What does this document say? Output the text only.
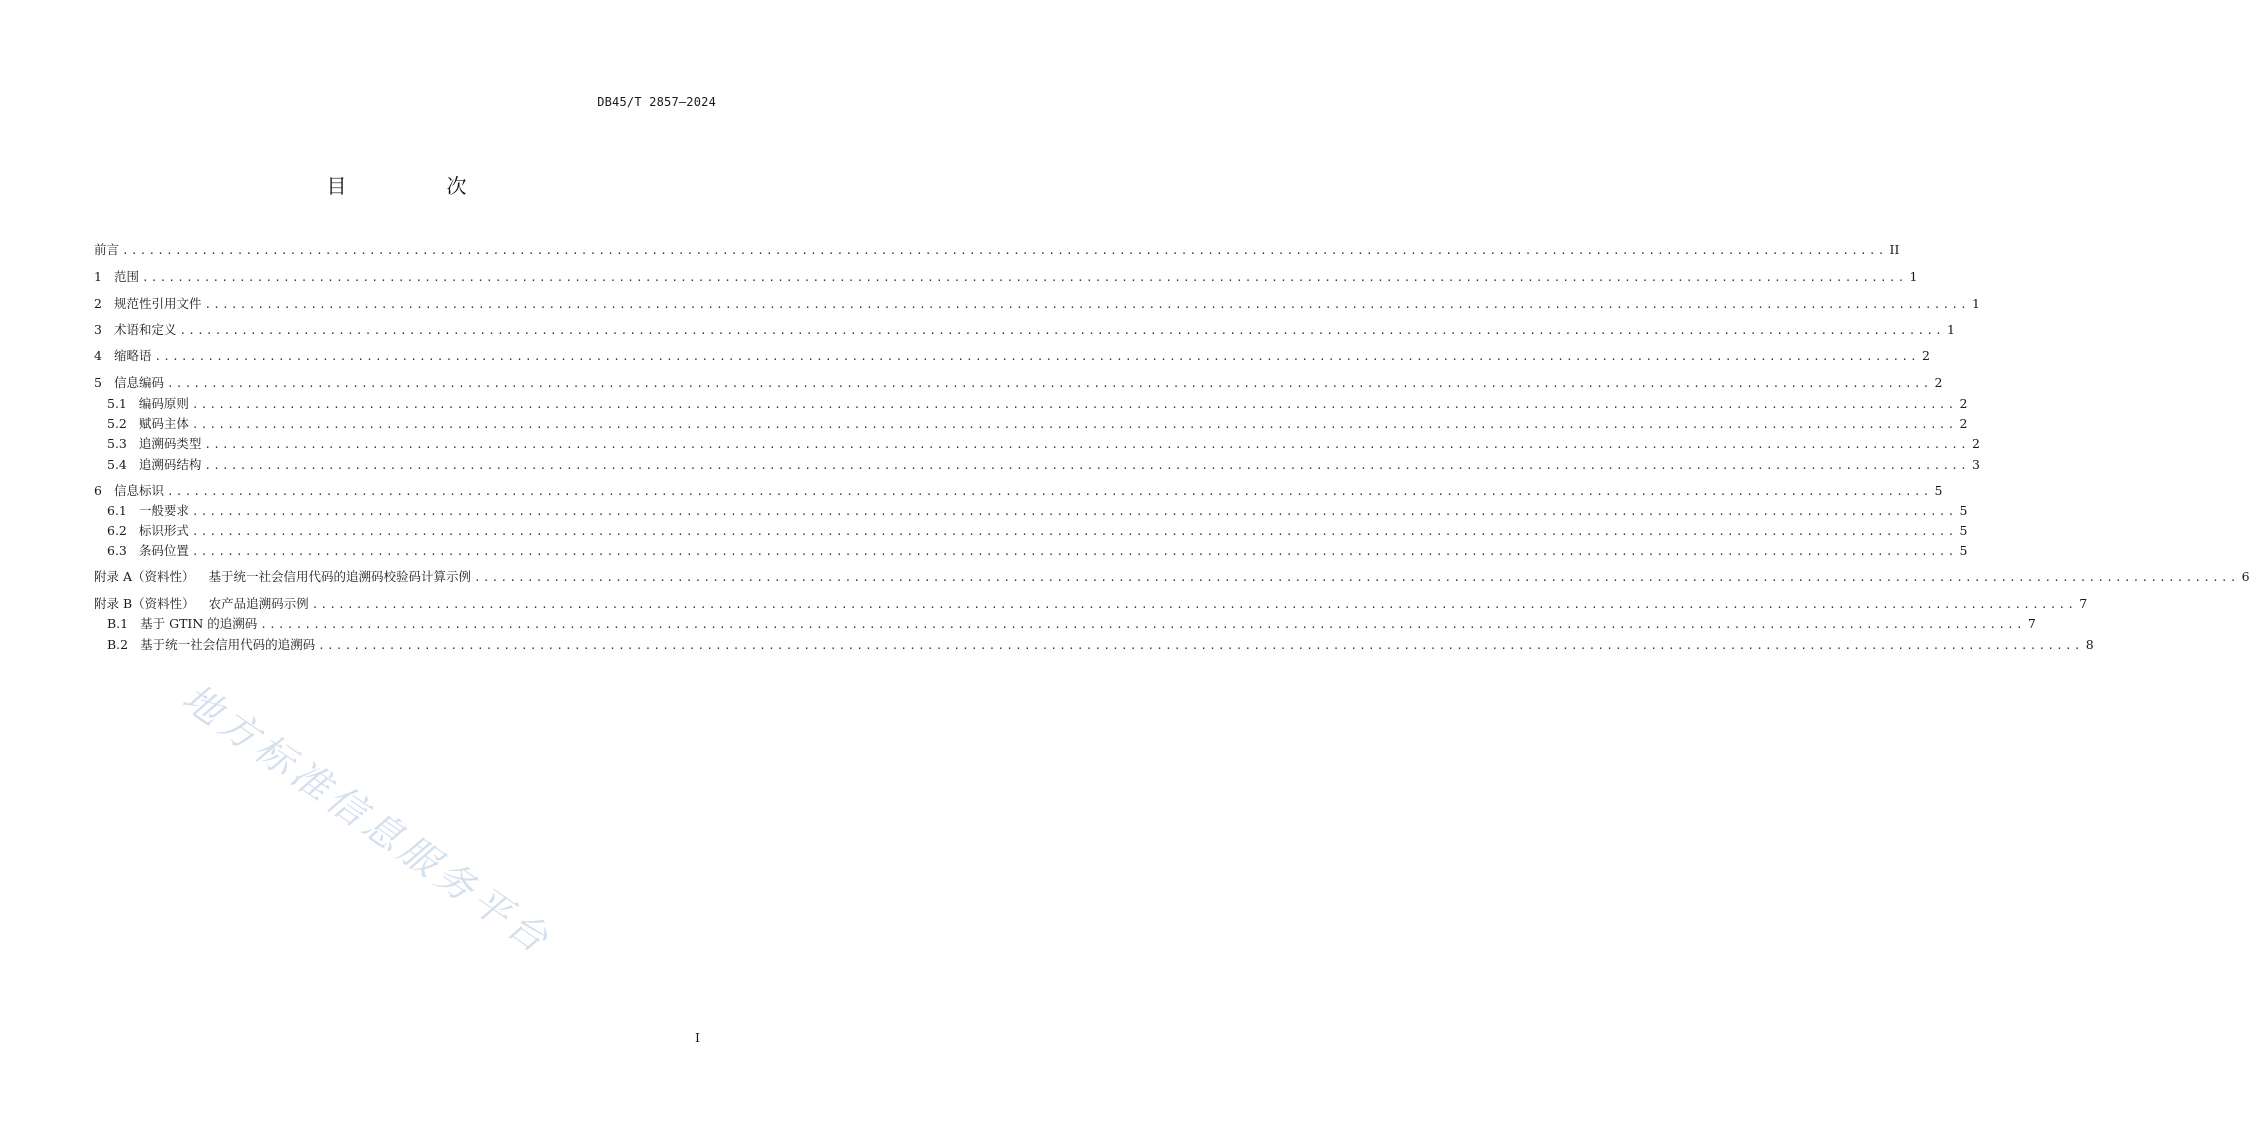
DB45/T 2857—2024
目　次
前言 ........................................................................................................................................................................................................ II
1 范围 ........................................................................................................................................................................................................ 1
2 规范性引用文件 ........................................................................................................................................................................................................ 1
3 术语和定义 ........................................................................................................................................................................................................ 1
4 缩略语 ........................................................................................................................................................................................................ 2
5 信息编码 ........................................................................................................................................................................................................ 2
5.1 编码原则 ........................................................................................................................................................................................................ 2
5.2 赋码主体 ........................................................................................................................................................................................................ 2
5.3 追溯码类型 ........................................................................................................................................................................................................ 2
5.4 追溯码结构 ........................................................................................................................................................................................................ 3
6 信息标识 ........................................................................................................................................................................................................ 5
6.1 一般要求 ........................................................................................................................................................................................................ 5
6.2 标识形式 ........................................................................................................................................................................................................ 5
6.3 条码位置 ........................................................................................................................................................................................................ 5
附录 A（资料性） 基于统一社会信用代码的追溯码校验码计算示例 ........................................................................................................................................................................................................ 6
附录 B（资料性） 农产品追溯码示例 ........................................................................................................................................................................................................ 7
B.1 基于 GTIN 的追溯码 ........................................................................................................................................................................................................ 7
B.2 基于统一社会信用代码的追溯码 ........................................................................................................................................................................................................ 8
地方标准信息服务平台
I
